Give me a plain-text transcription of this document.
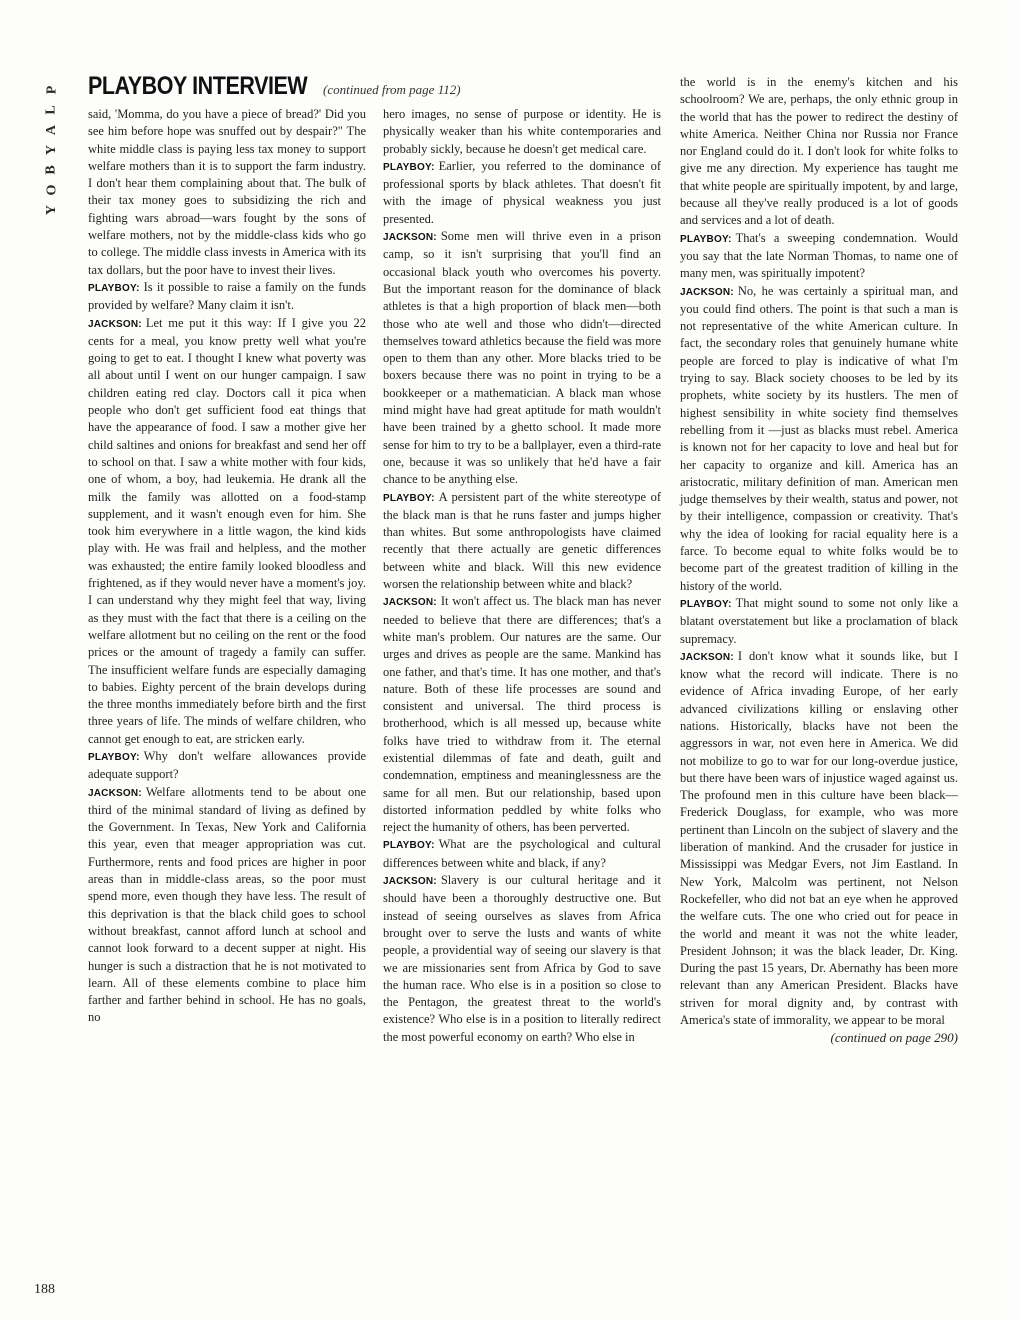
P
L
A
Y
B
O
Y
PLAYBOY INTERVIEW (continued from page 112)

said, 'Momma, do you have a piece of bread?' Did you see him before hope was snuffed out by despair?" The white middle class is paying less tax money to support welfare mothers than it is to support the farm industry. I don't hear them complaining about that. The bulk of their tax money goes to subsidizing the rich and fighting wars abroad—wars fought by the sons of welfare mothers, not by the middle-class kids who go to college. The middle class invests in America with its tax dollars, but the poor have to invest their lives.

PLAYBOY: Is it possible to raise a family on the funds provided by welfare? Many claim it isn't.

JACKSON: Let me put it this way: If I give you 22 cents for a meal, you know pretty well what you're going to get to eat. I thought I knew what poverty was all about until I went on our hunger campaign. I saw children eating red clay. Doctors call it pica when people who don't get sufficient food eat things that have the appearance of food. I saw a mother give her child saltines and onions for breakfast and send her off to school on that. I saw a white mother with four kids, one of whom, a boy, had leukemia. He drank all the milk the family was allotted on a food-stamp supplement, and it wasn't enough even for him. She took him everywhere in a little wagon, the kind kids play with. He was frail and helpless, and the mother was exhausted; the entire family looked bloodless and frightened, as if they would never have a moment's joy. I can understand why they might feel that way, living as they must with the fact that there is a ceiling on the welfare allotment but no ceiling on the rent or the food prices or the amount of tragedy a family can suffer. The insufficient welfare funds are especially damaging to babies. Eighty percent of the brain develops during the three months immediately before birth and the first three years of life. The minds of welfare children, who cannot get enough to eat, are stricken early.

PLAYBOY: Why don't welfare allowances provide adequate support?

JACKSON: Welfare allotments tend to be about one third of the minimal standard of living as defined by the Government. In Texas, New York and California this year, even that meager appropriation was cut. Furthermore, rents and food prices are higher in poor areas than in middle-class areas, so the poor must spend more, even though they have less. The result of this deprivation is that the black child goes to school without breakfast, cannot afford lunch at school and cannot look forward to a decent supper at night. His hunger is such a distraction that he is not motivated to learn. All of these elements combine to place him farther and farther behind in school. He has no goals, no

hero images, no sense of purpose or identity. He is physically weaker than his white contemporaries and probably sickly, because he doesn't get medical care.

PLAYBOY: Earlier, you referred to the dominance of professional sports by black athletes. That doesn't fit with the image of physical weakness you just presented.

JACKSON: Some men will thrive even in a prison camp, so it isn't surprising that you'll find an occasional black youth who overcomes his poverty. But the important reason for the dominance of black athletes is that a high proportion of black men—both those who ate well and those who didn't—directed themselves toward athletics because the field was more open to them than any other. More blacks tried to be boxers because there was no point in trying to be a bookkeeper or a mathematician. A black man whose mind might have had great aptitude for math wouldn't have been trained by a ghetto school. It made more sense for him to try to be a ballplayer, even a third-rate one, because it was so unlikely that he'd have a fair chance to be anything else.

PLAYBOY: A persistent part of the white stereotype of the black man is that he runs faster and jumps higher than whites. But some anthropologists have claimed recently that there actually are genetic differences between white and black. Will this new evidence worsen the relationship between white and black?

JACKSON: It won't affect us. The black man has never needed to believe that there are differences; that's a white man's problem. Our natures are the same. Our urges and drives as people are the same. Mankind has one father, and that's time. It has one mother, and that's nature. Both of these life processes are sound and consistent and universal. The third process is brotherhood, which is all messed up, because white folks have tried to withdraw from it. The eternal existential dilemmas of fate and death, guilt and condemnation, emptiness and meaninglessness are the same for all men. But our relationship, based upon distorted information peddled by white folks who reject the humanity of others, has been perverted.

PLAYBOY: What are the psychological and cultural differences between white and black, if any?

JACKSON: Slavery is our cultural heritage and it should have been a thoroughly destructive one. But instead of seeing ourselves as slaves from Africa brought over to serve the lusts and wants of white people, a providential way of seeing our slavery is that we are missionaries sent from Africa by God to save the human race. Who else is in a position so close to the Pentagon, the greatest threat to the world's existence? Who else is in a position to literally redirect the most powerful economy on earth? Who else in

the world is in the enemy's kitchen and his schoolroom? We are, perhaps, the only ethnic group in the world that has the power to redirect the destiny of white America. Neither China nor Russia nor France nor England could do it. I don't look for white folks to give me any direction. My experience has taught me that white people are spiritually impotent, by and large, because all they've really produced is a lot of goods and services and a lot of death.

PLAYBOY: That's a sweeping condemnation. Would you say that the late Norman Thomas, to name one of many men, was spiritually impotent?

JACKSON: No, he was certainly a spiritual man, and you could find others. The point is that such a man is not representative of the white American culture. In fact, the secondary roles that genuinely humane white people are forced to play is indicative of what I'm trying to say. Black society chooses to be led by its prophets, white society by its hustlers. The men of highest sensibility in white society find themselves rebelling from it —just as blacks must rebel. America is known not for her capacity to love and heal but for her capacity to organize and kill. America has an aristocratic, military definition of man. American men judge themselves by their wealth, status and power, not by their intelligence, compassion or creativity. That's why the idea of looking for racial equality here is a farce. To become equal to white folks would be to become part of the greatest tradition of killing in the history of the world.

PLAYBOY: That might sound to some not only like a blatant overstatement but like a proclamation of black supremacy.

JACKSON: I don't know what it sounds like, but I know what the record will indicate. There is no evidence of Africa invading Europe, of her early advanced civilizations killing or enslaving other nations. Historically, blacks have not been the aggressors in war, not even here in America. We did not mobilize to go to war for our long-overdue justice, but there have been wars of injustice waged against us. The profound men in this culture have been black—Frederick Douglass, for example, who was more pertinent than Lincoln on the subject of slavery and the liberation of mankind. And the crusader for justice in Mississippi was Medgar Evers, not Jim Eastland. In New York, Malcolm was pertinent, not Nelson Rockefeller, who did not bat an eye when he approved the welfare cuts. The one who cried out for peace in the world and meant it was not the white leader, President Johnson; it was the black leader, Dr. King. During the past 15 years, Dr. Abernathy has been more relevant than any American President. Blacks have striven for moral dignity and, by contrast with America's state of immorality, we appear to be moral

(continued on page 290)
188
